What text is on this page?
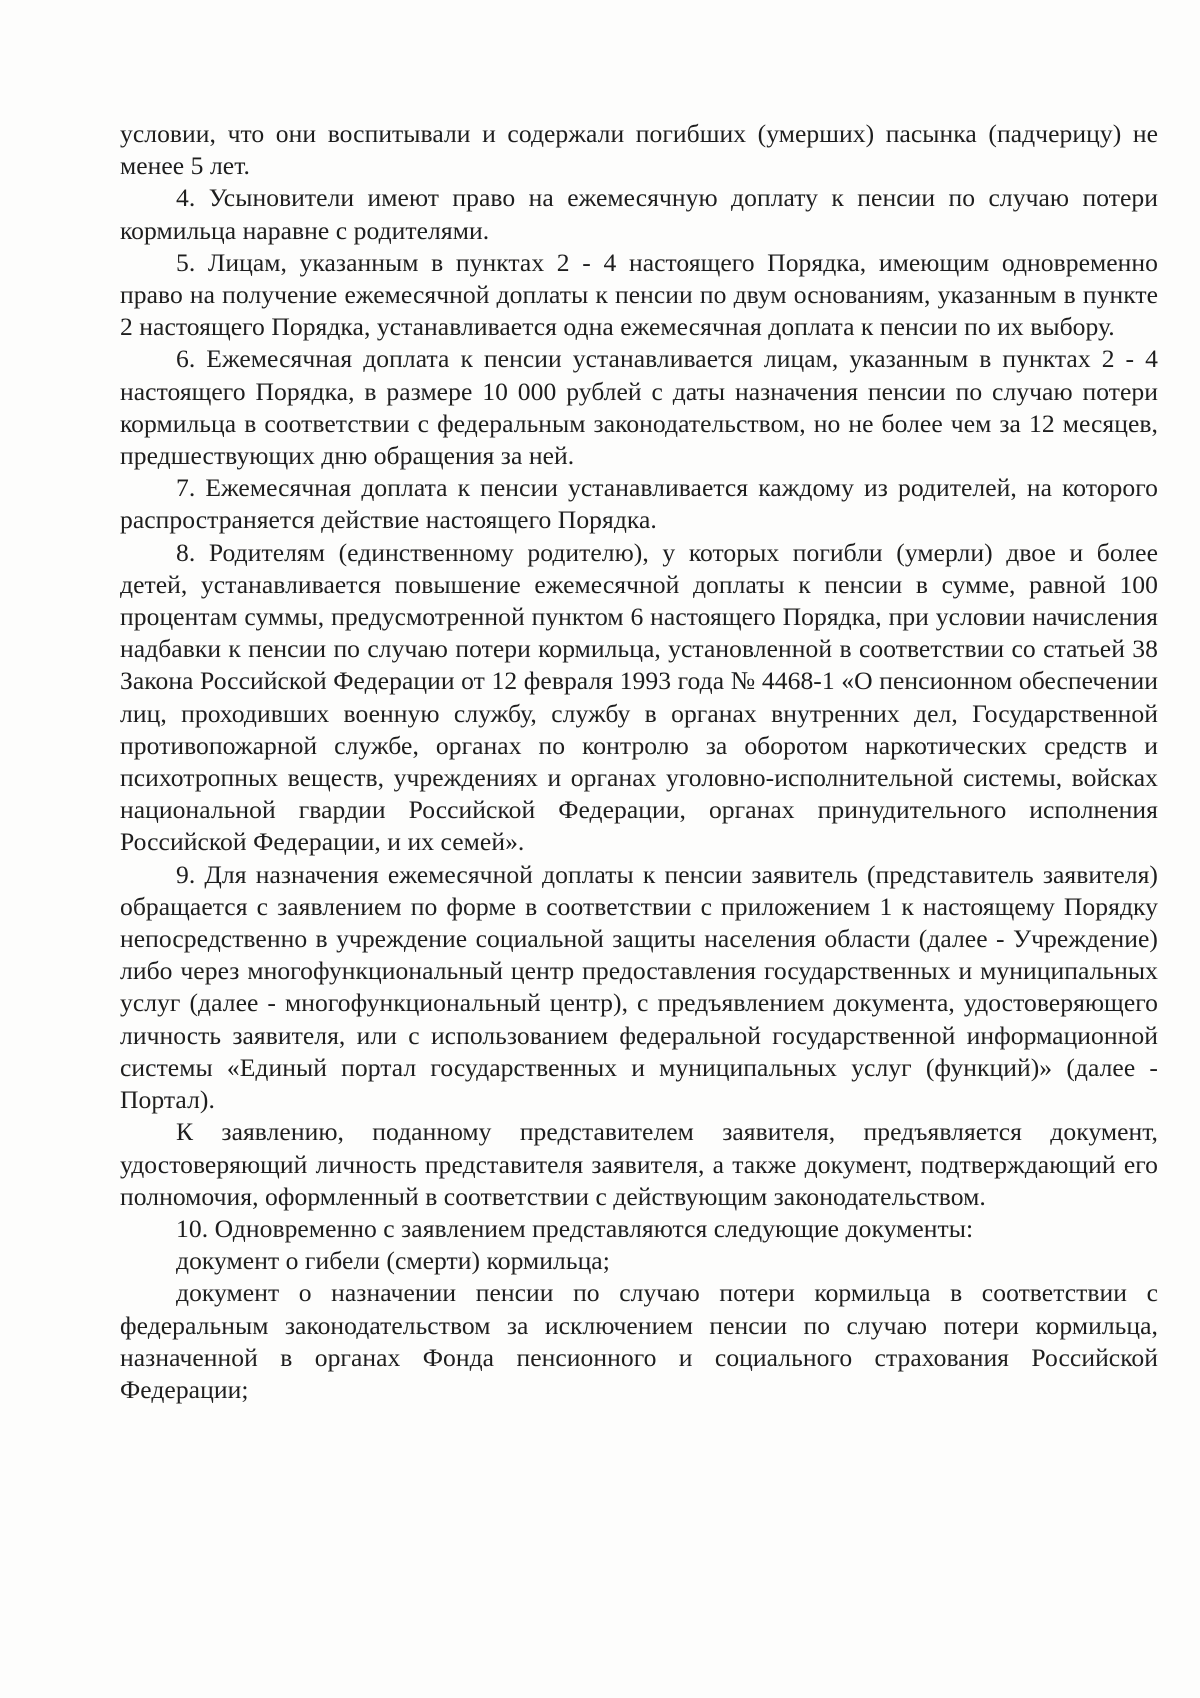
условии, что они воспитывали и содержали погибших (умерших) пасынка (падчерицу) не менее 5 лет.

4. Усыновители имеют право на ежемесячную доплату к пенсии по случаю потери кормильца наравне с родителями.

5. Лицам, указанным в пунктах 2 - 4 настоящего Порядка, имеющим одновременно право на получение ежемесячной доплаты к пенсии по двум основаниям, указанным в пункте 2 настоящего Порядка, устанавливается одна ежемесячная доплата к пенсии по их выбору.

6. Ежемесячная доплата к пенсии устанавливается лицам, указанным в пунктах 2 - 4 настоящего Порядка, в размере 10 000 рублей с даты назначения пенсии по случаю потери кормильца в соответствии с федеральным законодательством, но не более чем за 12 месяцев, предшествующих дню обращения за ней.

7. Ежемесячная доплата к пенсии устанавливается каждому из родителей, на которого распространяется действие настоящего Порядка.

8. Родителям (единственному родителю), у которых погибли (умерли) двое и более детей, устанавливается повышение ежемесячной доплаты к пенсии в сумме, равной 100 процентам суммы, предусмотренной пунктом 6 настоящего Порядка, при условии начисления надбавки к пенсии по случаю потери кормильца, установленной в соответствии со статьей 38 Закона Российской Федерации от 12 февраля 1993 года № 4468-1 «О пенсионном обеспечении лиц, проходивших военную службу, службу в органах внутренних дел, Государственной противопожарной службе, органах по контролю за оборотом наркотических средств и психотропных веществ, учреждениях и органах уголовно-исполнительной системы, войсках национальной гвардии Российской Федерации, органах принудительного исполнения Российской Федерации, и их семей».

9. Для назначения ежемесячной доплаты к пенсии заявитель (представитель заявителя) обращается с заявлением по форме в соответствии с приложением 1 к настоящему Порядку непосредственно в учреждение социальной защиты населения области (далее - Учреждение) либо через многофункциональный центр предоставления государственных и муниципальных услуг (далее - многофункциональный центр), с предъявлением документа, удостоверяющего личность заявителя, или с использованием федеральной государственной информационной системы «Единый портал государственных и муниципальных услуг (функций)» (далее - Портал).

К заявлению, поданному представителем заявителя, предъявляется документ, удостоверяющий личность представителя заявителя, а также документ, подтверждающий его полномочия, оформленный в соответствии с действующим законодательством.

10. Одновременно с заявлением представляются следующие документы:

документ о гибели (смерти) кормильца;

документ о назначении пенсии по случаю потери кормильца в соответствии с федеральным законодательством за исключением пенсии по случаю потери кормильца, назначенной в органах Фонда пенсионного и социального страхования Российской Федерации;
